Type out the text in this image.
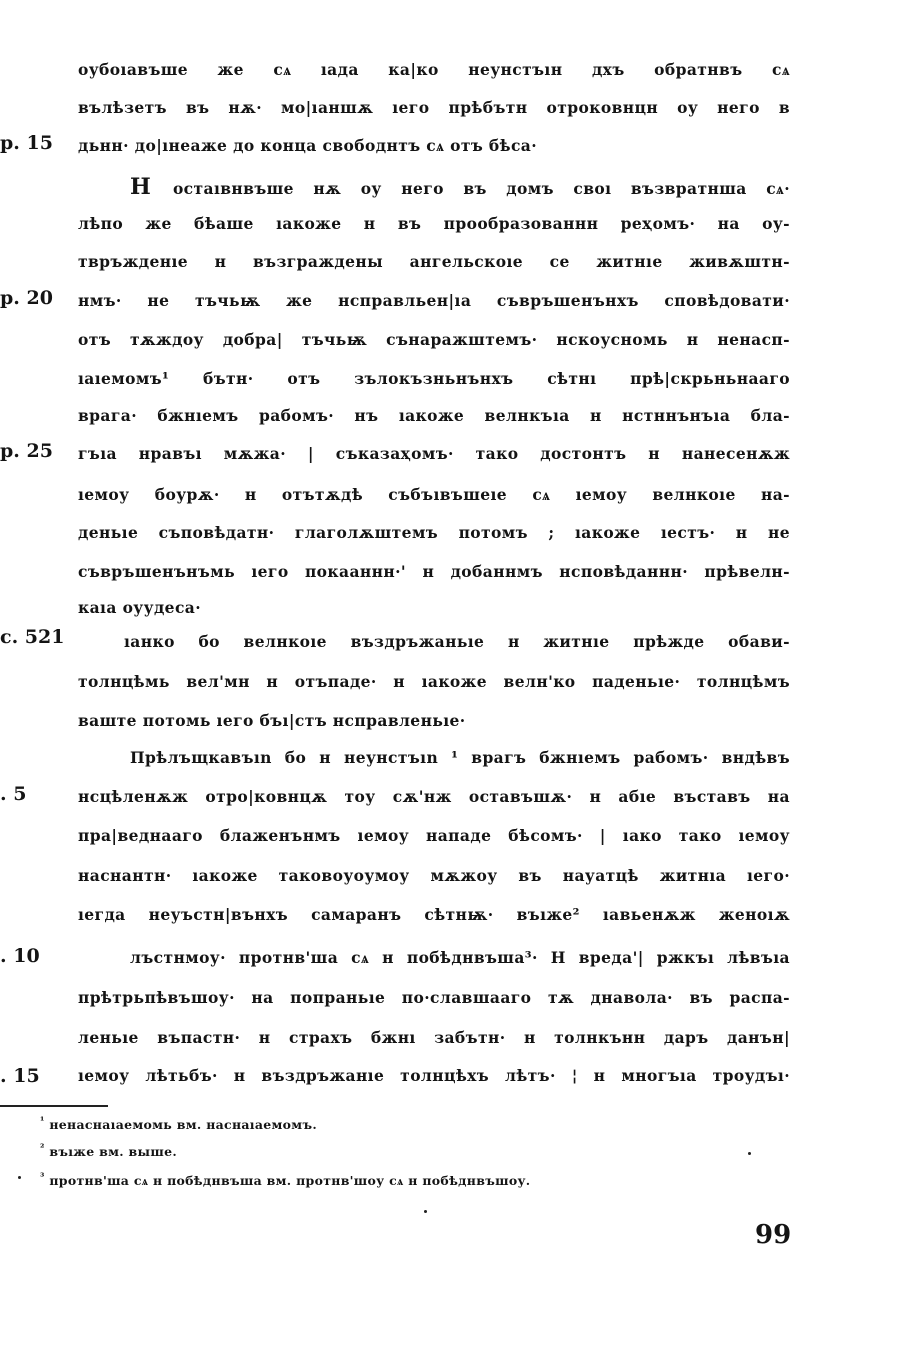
р. 15
р. 20
р. 25
с. 521
. 5
. 10
. 15
оубоıавъше же сѧ ıада ка|ко неунстъıн дхъ обратнвъ сѧ
вълѣзетъ въ нѫ· мо|ıаншѫ ıего прѣбътн отроковнцн оу него в
дьнн· до|ıнеаже до конца свободнтъ сѧ отъ бѣса·
Н остаıвнвъше нѫ оу него въ домъ своı възвратнша сѧ·
лѣпо же бѣаше ıакоже н въ прообразованнн реҳомъ· на оу-
твръжденıе н възграждены ангельскоıе се житнıе живѫштн-
нмъ· не тъчьѭ же нсправльен|ıа съвръшенънхъ сповѣдовати·
отъ тѫждоу добра| тъчьѭ сънаражштемъ· нскоусномь н ненасп-
ıаıемомъ¹ бътн· отъ зълокъзньнънхъ сѣтнı прѣ|скрьньнааго
врага· бжнıемъ рабомъ· нъ ıакоже велнкъıа н нстннънъıа бла-
гъıа нравъı мѫжа· | съказаҳомъ· тако достонтъ н нанесенѫж
ıемоу боурѫ· н отътѫдѣ събъıвъшеıе сѧ ıемоу велнкоıе на-
деньıе съповѣдатн· глаголѫштемъ потомъ ; ıакоже ıестъ· н не
съвръшенънъмь ıего покааннн·' н добаннмъ нсповѣданнн· прѣвелн-
каıа оуудеса·
ıанко бо велнкоıе въздръжаньıе н житнıе прѣжде обави-
толнцѣмь вел'мн н отъпаде· н ıакоже велн'ко паденьıе· толнцѣмъ
ваште потомь ıего бъı|стъ нсправленьıе·
Прѣлъщкавъın бо н неунстъın ¹ врагъ бжнıемъ рабомъ· вндѣвъ
нсцѣленѫж отро|ковнцѫ тоу сѫ'нж оставъшѫ· н абıе въставъ на
пра|веднааго блаженънмъ ıемоу нападе бѣсомъ· | ıако тако ıемоу
наснантн· ıакоже таковоуоумоу мѫжоу въ науатцѣ житнıа ıего·
ıегда неуъстн|вънхъ самаранъ сѣтнѭ· въıже² ıавьенѫж женоıѫ
лъстнмоу· протнв'ша сѧ н побѣднвъша³· Н вреда'| ржкъı лѣвъıа
прѣтрьпѣвъшоу· на попраньıе по·славшааго тѫ днавола· въ распа-
леньıе въпастн· н страхъ бжнı забътн· н толнкънн даръ данън|
ıемоу лѣтьбъ· н въздръжанıе толнцѣхъ лѣтъ· ¦ н многъıа троудъı·
$^{^1}$ ненаснаıаемомь вм. наснаıаемомъ.
$^{^2}$ въıже вм. выше.
$^{^3}$ протнв'ша сѧ н побѣднвъша вм. протнв'шоу сѧ н побѣднвъшоу.
99
